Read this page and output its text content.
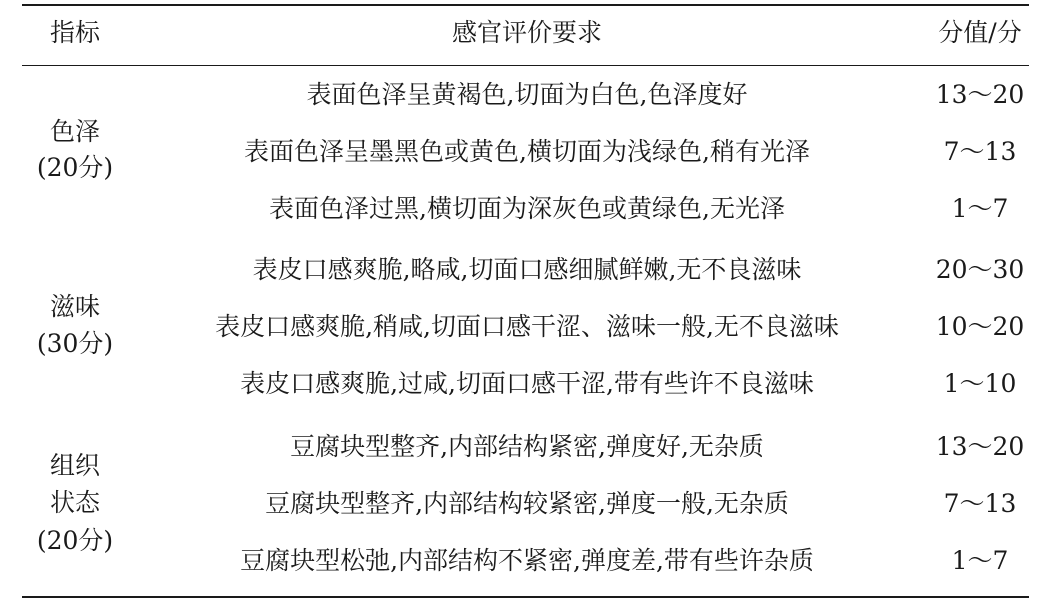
指标	感官评价要求	分值/分
色泽
(20分)
表面色泽呈黄褐色,切面为白色,色泽度好	13～20
表面色泽呈墨黑色或黄色,横切面为浅绿色,稍有光泽	7～13
表面色泽过黑,横切面为深灰色或黄绿色,无光泽	1～7
滋味
(30分)
表皮口感爽脆,略咸,切面口感细腻鲜嫩,无不良滋味	20～30
表皮口感爽脆,稍咸,切面口感干涩、滋味一般,无不良滋味	10～20
表皮口感爽脆,过咸,切面口感干涩,带有些许不良滋味	1～10
组织
状态
(20分)
豆腐块型整齐,内部结构紧密,弹度好,无杂质	13～20
豆腐块型整齐,内部结构较紧密,弹度一般,无杂质	7～13
豆腐块型松弛,内部结构不紧密,弹度差,带有些许杂质	1～7
